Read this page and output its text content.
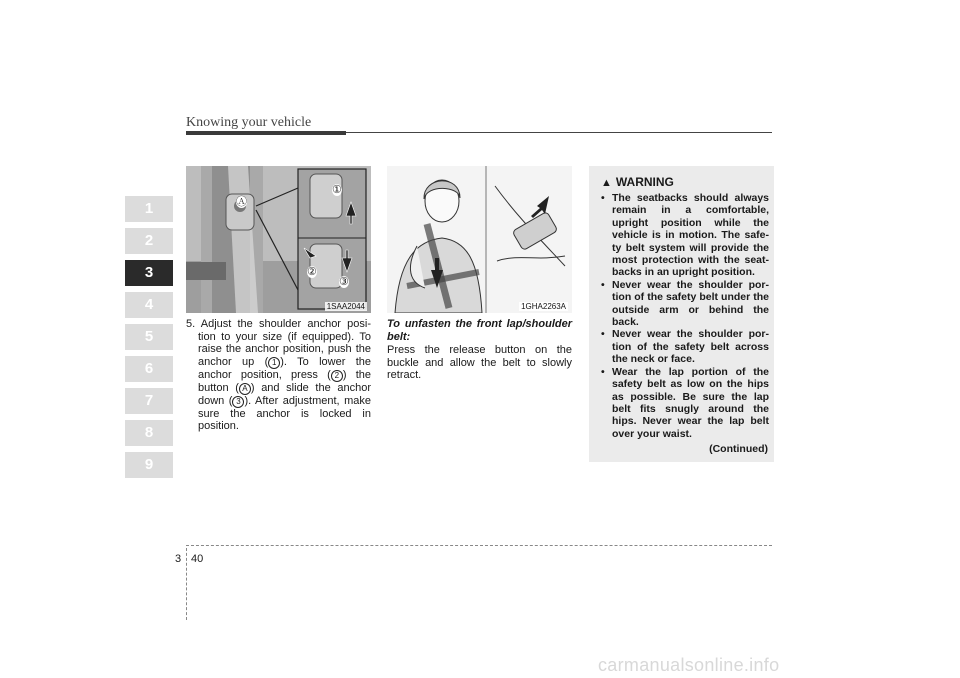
Knowing your vehicle
1
2
3
4
5
6
7
8
9
①
②
③
Ⓐ
1SAA2044	1GHA2263A
5. Adjust the shoulder anchor posi-tion to your size (if equipped). To raise the anchor position, push the anchor up ( 1 ). To lower the anchor position, press ( 2 ) the button ( A ) and slide the anchor down ( 3 ). After adjustment, make sure the anchor is locked in position.
To unfasten the front lap/shoulder belt:
Press the release button on the buckle and allow the belt to slowly retract.
▲ WARNING
• The seatbacks should always remain in a comfortable, upright position while the vehicle is in motion. The safe-ty belt system will provide the most protection with the seat-backs in an upright position.
• Never wear the shoulder por-tion of the safety belt under the outside arm or behind the back.
• Never wear the shoulder por-tion of the safety belt across the neck or face.
• Wear the lap portion of the safety belt as low on the hips as possible. Be sure the lap belt fits snugly around the hips. Never wear the lap belt over your waist.
(Continued)
3 40
carmanualsonline.info
